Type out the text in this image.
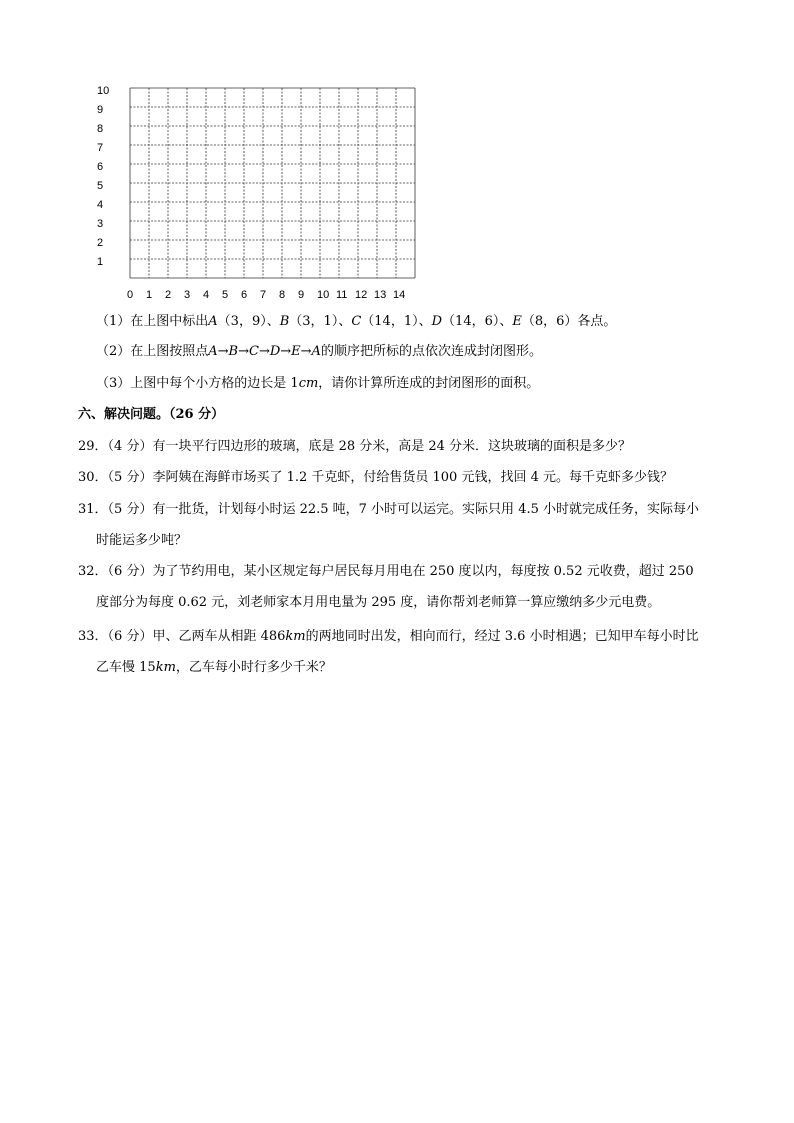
10
9
8
7
6
5
4
3
2
1
0 1 2 3 4 5 6 7 8 9 10 11 12 13 14
（1）在上图中标出A（3，9）、B（3，1）、C（14，1）、D（14，6）、E（8，6）各点。
（2）在上图按照点A→B→C→D→E→A的顺序把所标的点依次连成封闭图形。
（3）上图中每个小方格的边长是 1cm，请你计算所连成的封闭图形的面积。
六、解决问题。（26 分）
29．（4 分）有一块平行四边形的玻璃，底是 28 分米，高是 24 分米．这块玻璃的面积是多少？
30．（5 分）李阿姨在海鲜市场买了 1.2 千克虾，付给售货员 100 元钱，找回 4 元。每千克虾多少钱？
31．（5 分）有一批货，计划每小时运 22.5 吨，7 小时可以运完。实际只用 4.5 小时就完成任务，实际每小
时能运多少吨？
32．（6 分）为了节约用电，某小区规定每户居民每月用电在 250 度以内，每度按 0.52 元收费，超过 250
度部分为每度 0.62 元，刘老师家本月用电量为 295 度，请你帮刘老师算一算应缴纳多少元电费。
33．（6 分）甲、乙两车从相距 486km的两地同时出发，相向而行，经过 3.6 小时相遇；已知甲车每小时比
乙车慢 15km，乙车每小时行多少千米？
